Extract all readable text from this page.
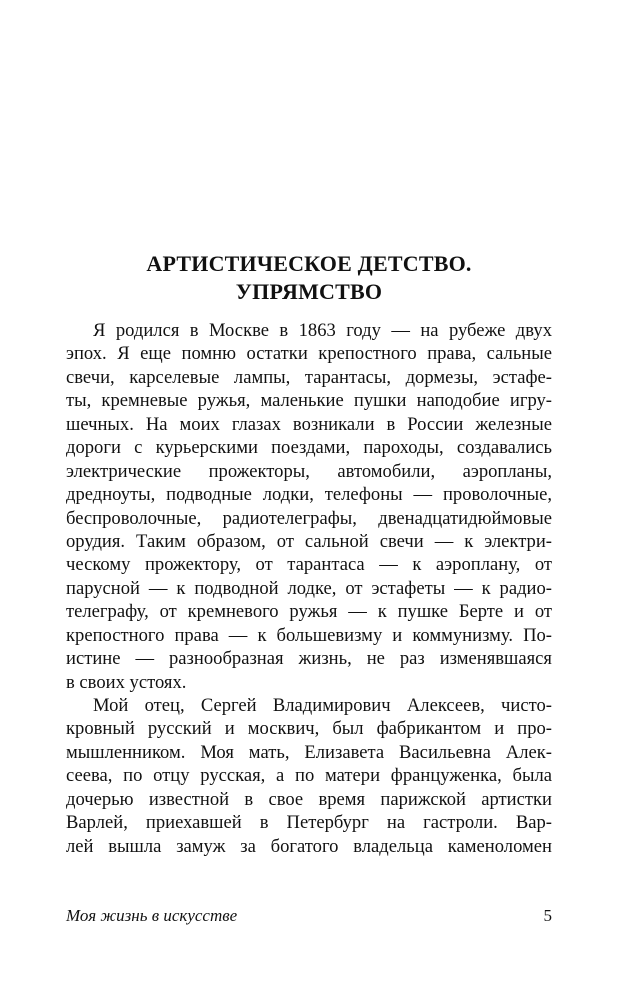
АРТИСТИЧЕСКОЕ ДЕТСТВО.
УПРЯМСТВО
Я родился в Москве в 1863 году — на рубеже двух
эпох. Я еще помню остатки крепостного права, сальные
свечи, карселевые лампы, тарантасы, дормезы, эстафе-
ты, кремневые ружья, маленькие пушки наподобие игру-
шечных. На моих глазах возникали в России железные
дороги с курьерскими поездами, пароходы, создавались
электрические прожекторы, автомобили, аэропланы,
дредноуты, подводные лодки, телефоны — проволочные,
беспроволочные, радиотелеграфы, двенадцатидюймовые
орудия. Таким образом, от сальной свечи — к электри-
ческому прожектору, от тарантаса — к аэроплану, от
парусной — к подводной лодке, от эстафеты — к радио-
телеграфу, от кремневого ружья — к пушке Берте и от
крепостного права — к большевизму и коммунизму. По-
истине — разнообразная жизнь, не раз изменявшаяся
в своих устоях.
Мой отец, Сергей Владимирович Алексеев, чисто-
кровный русский и москвич, был фабрикантом и про-
мышленником. Моя мать, Елизавета Васильевна Алек-
сеева, по отцу русская, а по матери француженка, была
дочерью известной в свое время парижской артистки
Варлей, приехавшей в Петербург на гастроли. Вар-
лей вышла замуж за богатого владельца каменоломен
Моя жизнь в искусстве	5
